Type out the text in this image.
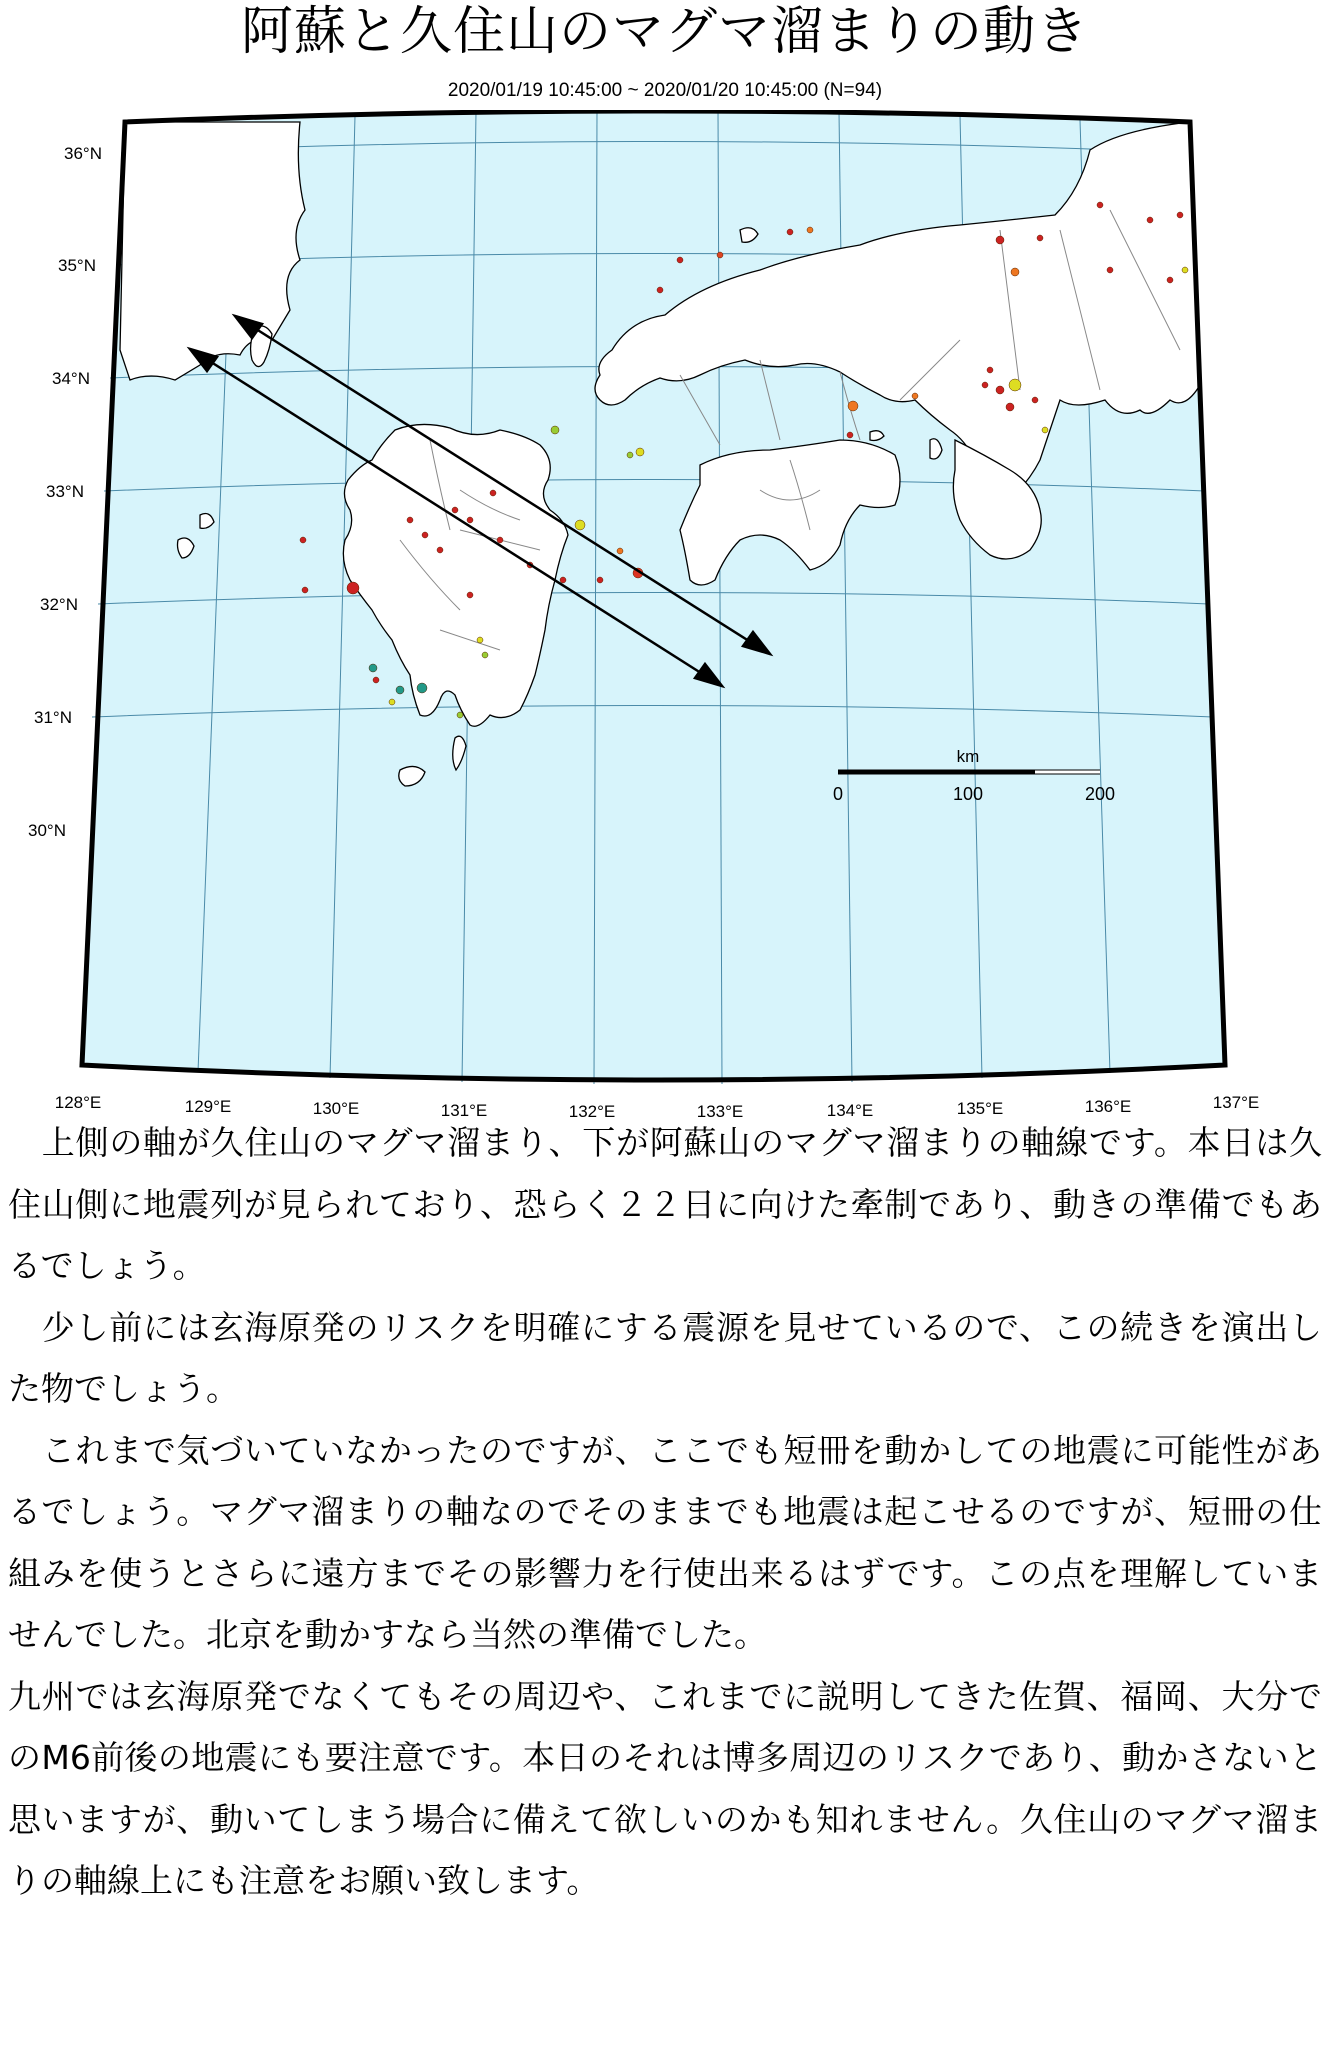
阿蘇と久住山のマグマ溜まりの動き
2020/01/19 10:45:00 ~ 2020/01/20 10:45:00 (N=94)
km
0	100	200
36°N
35°N
34°N
33°N
32°N
31°N
30°N
128°E	129°E	130°E	131°E	132°E	133°E	134°E	135°E	136°E	137°E

　上側の軸が久住山のマグマ溜まり、下が阿蘇山のマグマ溜まりの軸線です。本日は久住山側に地震列が見られており、恐らく２２日に向けた牽制であり、動きの準備でもあるでしょう。

　少し前には玄海原発のリスクを明確にする震源を見せているので、この続きを演出した物でしょう。

　これまで気づいていなかったのですが、ここでも短冊を動かしての地震に可能性があるでしょう。マグマ溜まりの軸なのでそのままでも地震は起こせるのですが、短冊の仕組みを使うとさらに遠方までその影響力を行使出来るはずです。この点を理解していませんでした。北京を動かすなら当然の準備でした。

九州では玄海原発でなくてもその周辺や、これまでに説明してきた佐賀、福岡、大分でのM6前後の地震にも要注意です。本日のそれは博多周辺のリスクであり、動かさないと思いますが、動いてしまう場合に備えて欲しいのかも知れません。久住山のマグマ溜まりの軸線上にも注意をお願い致します。
